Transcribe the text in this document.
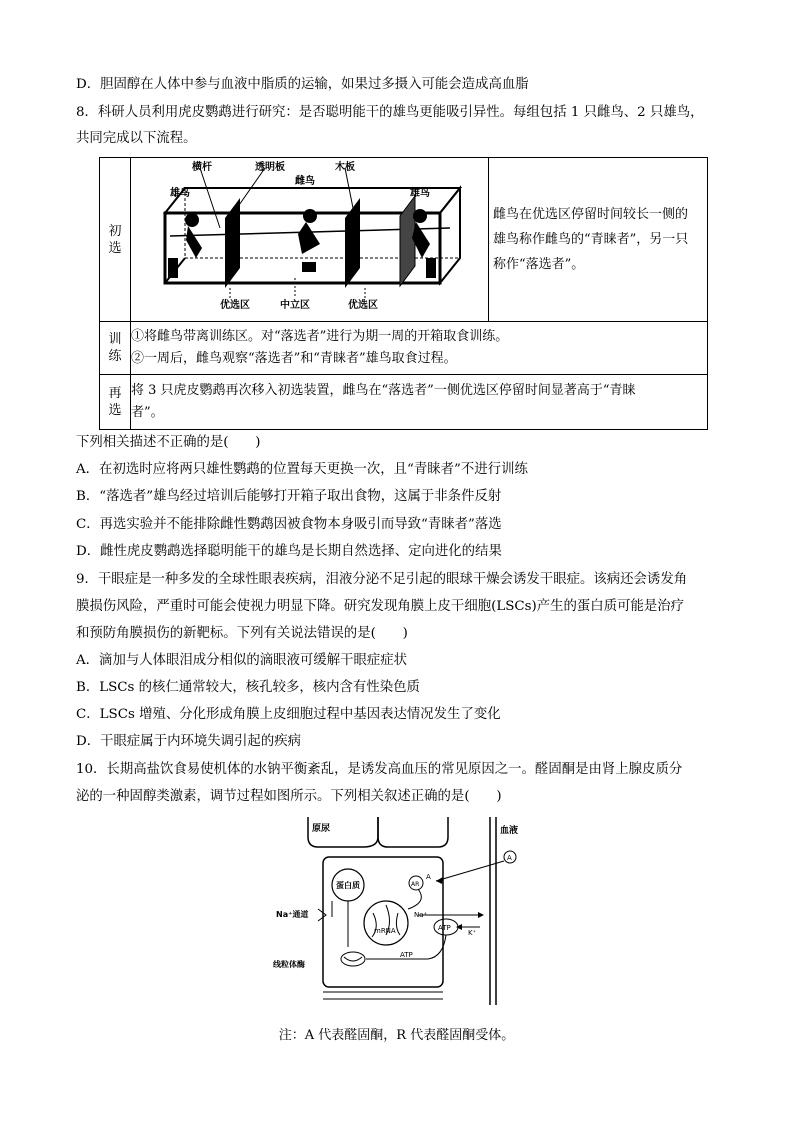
D．胆固醇在人体中参与血液中脂质的运输，如果过多摄入可能会造成高血脂
8．科研人员利用虎皮鹦鹉进行研究：是否聪明能干的雄鸟更能吸引异性。每组包括 1 只雌鸟、2 只雄鸟，
共同完成以下流程。
初选		雌鸟在优选区停留时间较长一侧的
雄鸟称作雌鸟的“青睐者”，另一只
称作“落选者”。

训练	①将雌鸟带离训练区。对“落选者”进行为期一周的开箱取食训练。
②一周后，雌鸟观察“落选者”和“青睐者”雄鸟取食过程。	

再选	将 3 只虎皮鹦鹉再次移入初选装置，雌鸟在“落选者”一侧优选区停留时间显著高于“青睐
者”。	
横杆	透明板	木板
雄鸟
雌鸟
雄鸟
优选区	中立区	优选区
下列相关描述不正确的是(　　)
A．在初选时应将两只雄性鹦鹉的位置每天更换一次，且“青睐者”不进行训练
B．“落选者”雄鸟经过培训后能够打开箱子取出食物，这属于非条件反射
C．再选实验并不能排除雌性鹦鹉因被食物本身吸引而导致“青睐者”落选
D．雌性虎皮鹦鹉选择聪明能干的雄鸟是长期自然选择、定向进化的结果
9．干眼症是一种多发的全球性眼表疾病，泪液分泌不足引起的眼球干燥会诱发干眼症。该病还会诱发角
膜损伤风险，严重时可能会使视力明显下降。研究发现角膜上皮干细胞(LSCs)产生的蛋白质可能是治疗
和预防角膜损伤的新靶标。下列有关说法错误的是(　　)
A．滴加与人体眼泪成分相似的滴眼液可缓解干眼症症状
B．LSCs 的核仁通常较大，核孔较多，核内含有性染色质
C．LSCs 增殖、分化形成角膜上皮细胞过程中基因表达情况发生了变化
D．干眼症属于内环境失调引起的疾病
10．长期高盐饮食易使机体的水钠平衡紊乱，是诱发高血压的常见原因之一。醛固酮是由肾上腺皮质分
泌的一种固醇类激素，调节过程如图所示。下列相关叙述正确的是(　　)
原尿	血液
蛋白质
Na⁺通道
线粒体酶
mRNA
AR
A
A
Na⁺
ATP
ATP
K⁺
注：A 代表醛固酮，R 代表醛固酮受体。
